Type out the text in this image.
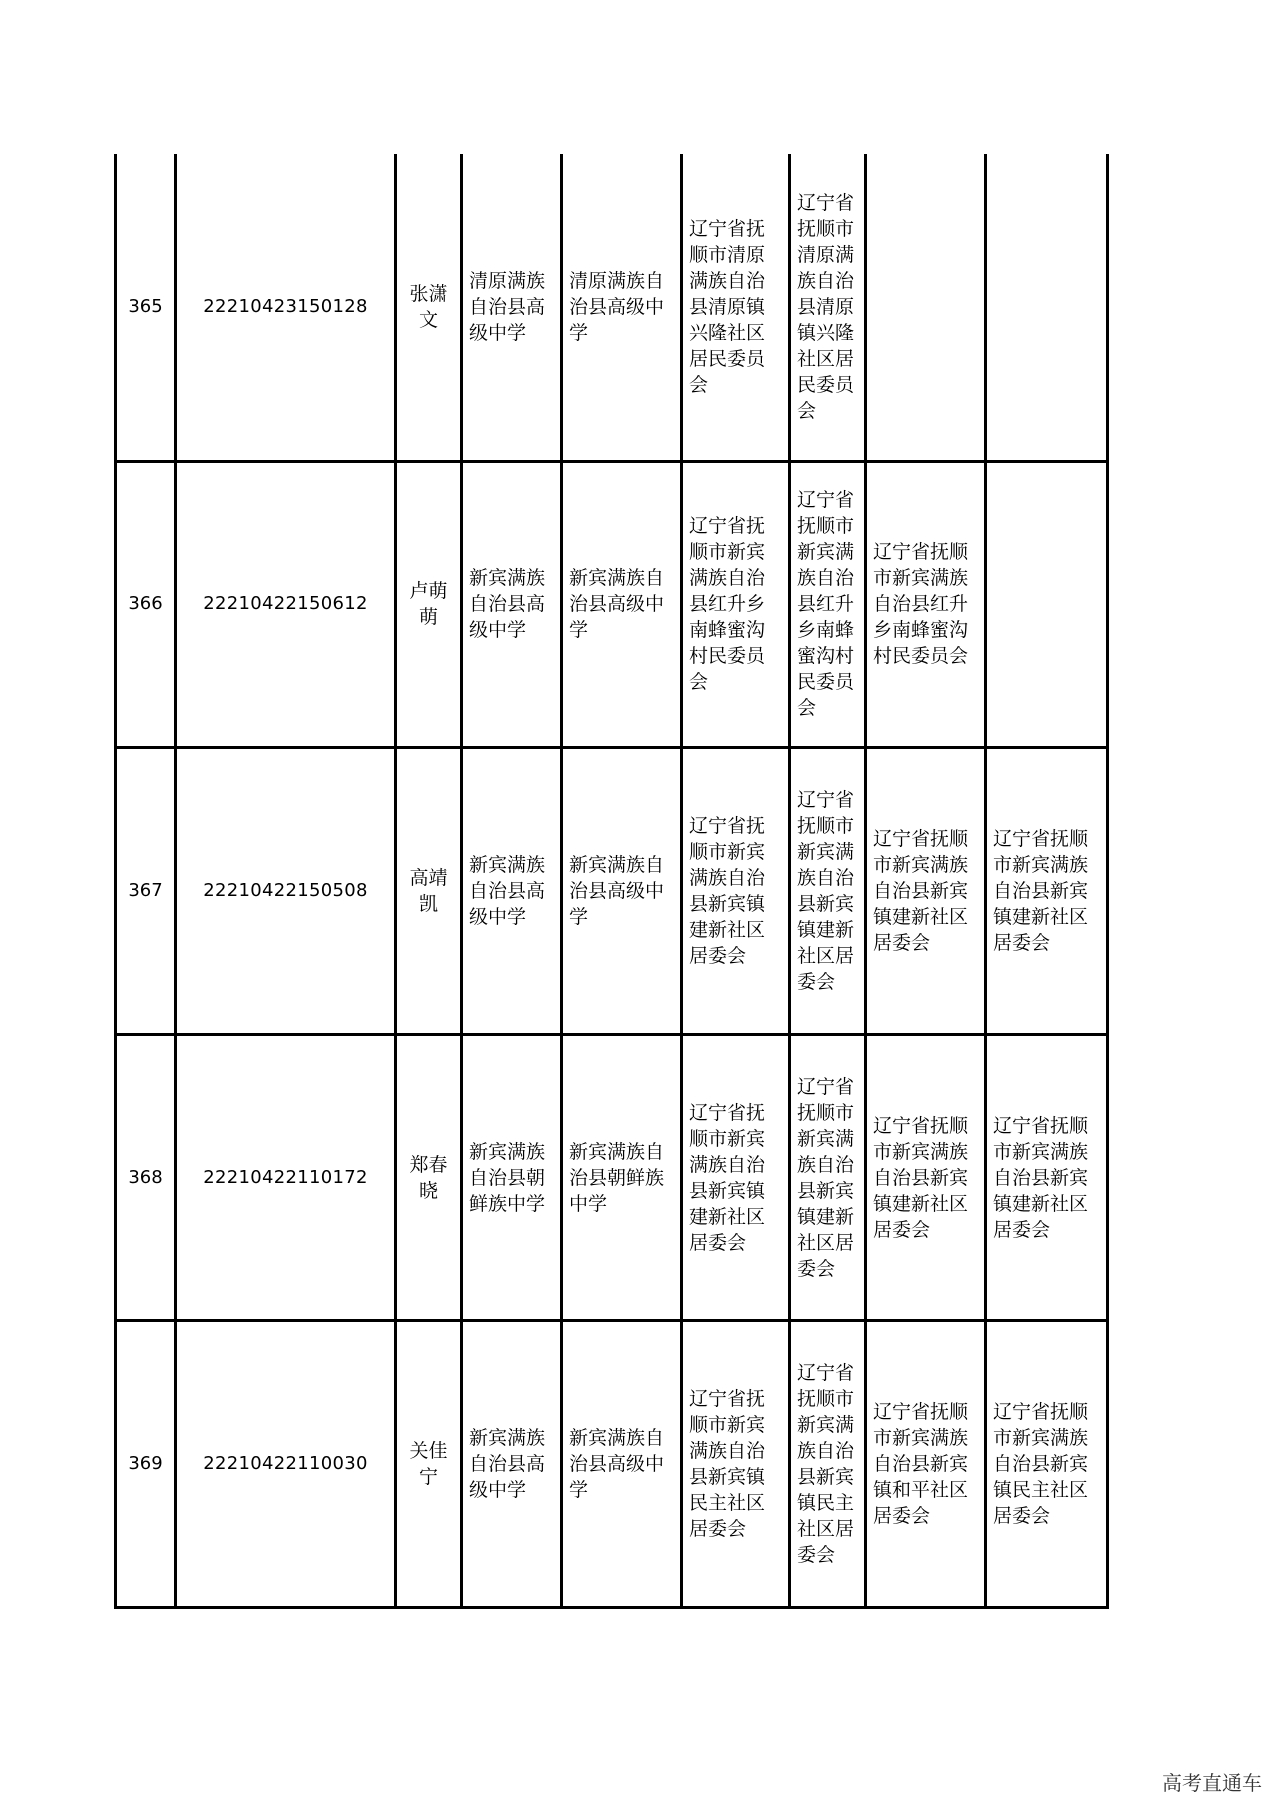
365	22210423150128	张潇文	清原满族自治县高级中学	清原满族自治县高级中学	辽宁省抚顺市清原满族自治县清原镇兴隆社区居民委员会	辽宁省抚顺市清原满族自治县清原镇兴隆社区居民委员会		
366	22210422150612	卢萌萌	新宾满族自治县高级中学	新宾满族自治县高级中学	辽宁省抚顺市新宾满族自治县红升乡南蜂蜜沟村民委员会	辽宁省抚顺市新宾满族自治县红升乡南蜂蜜沟村民委员会	辽宁省抚顺市新宾满族自治县红升乡南蜂蜜沟村民委员会	
367	22210422150508	高靖凯	新宾满族自治县高级中学	新宾满族自治县高级中学	辽宁省抚顺市新宾满族自治县新宾镇建新社区居委会	辽宁省抚顺市新宾满族自治县新宾镇建新社区居委会	辽宁省抚顺市新宾满族自治县新宾镇建新社区居委会	辽宁省抚顺市新宾满族自治县新宾镇建新社区居委会
368	22210422110172	郑春晓	新宾满族自治县朝鲜族中学	新宾满族自治县朝鲜族中学	辽宁省抚顺市新宾满族自治县新宾镇建新社区居委会	辽宁省抚顺市新宾满族自治县新宾镇建新社区居委会	辽宁省抚顺市新宾满族自治县新宾镇建新社区居委会	辽宁省抚顺市新宾满族自治县新宾镇建新社区居委会
369	22210422110030	关佳宁	新宾满族自治县高级中学	新宾满族自治县高级中学	辽宁省抚顺市新宾满族自治县新宾镇民主社区居委会	辽宁省抚顺市新宾满族自治县新宾镇民主社区居委会	辽宁省抚顺市新宾满族自治县新宾镇和平社区居委会	辽宁省抚顺市新宾满族自治县新宾镇民主社区居委会
高考直通车
